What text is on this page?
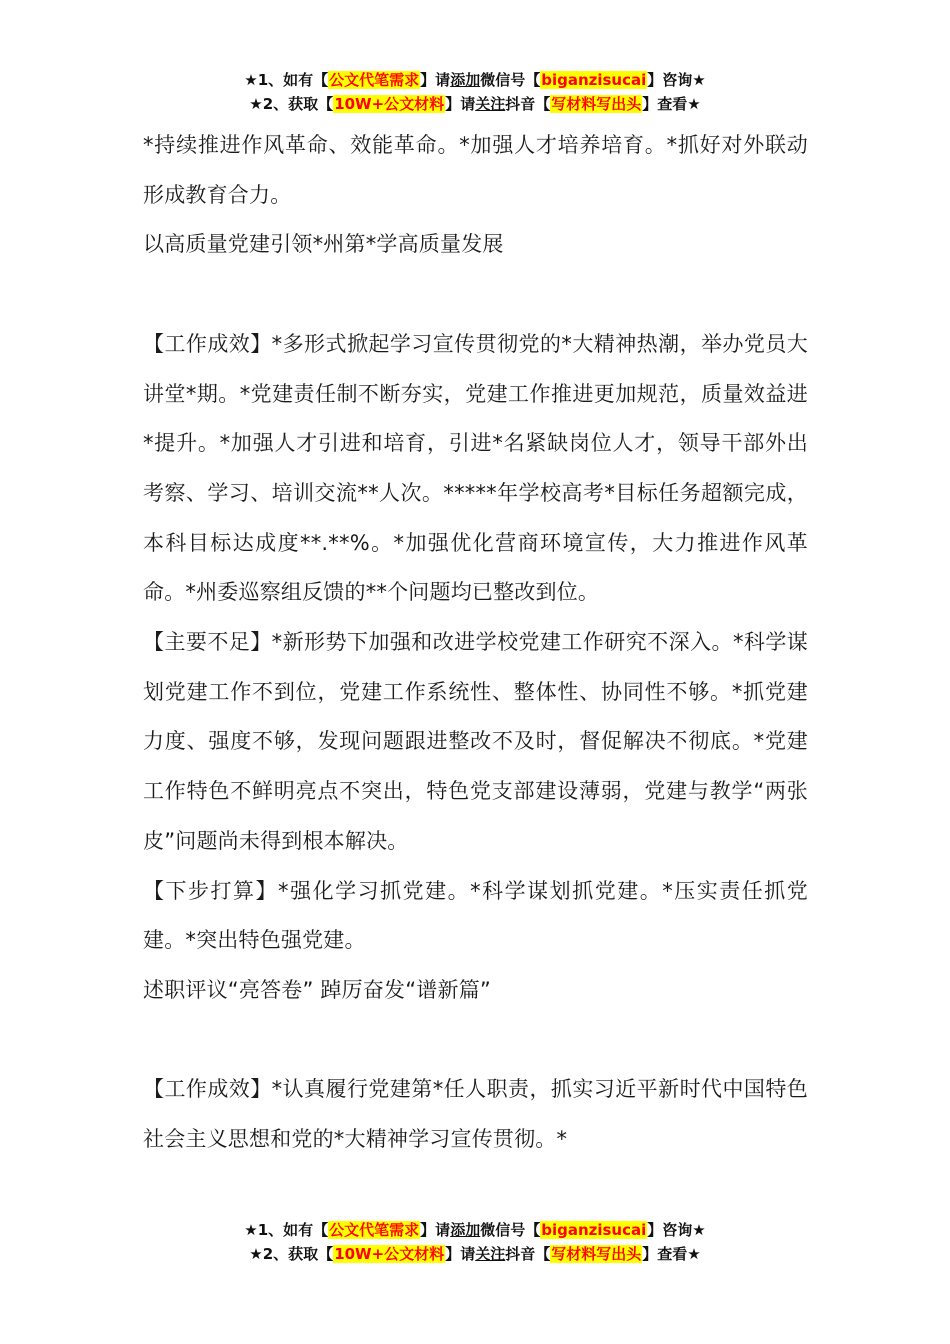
★1、如有【公文代笔需求】请添加微信号【biganzisucai】咨询★
★2、获取【10W+公文材料】请关注抖音【写材料写出头】查看★

*持续推进作风革命、效能革命。*加强人才培养培育。*抓好对外联动形成教育合力。

以高质量党建引领*州第*学高质量发展

【工作成效】*多形式掀起学习宣传贯彻党的*大精神热潮，举办党员大讲堂*期。*党建责任制不断夯实，党建工作推进更加规范，质量效益进*提升。*加强人才引进和培育，引进*名紧缺岗位人才，领导干部外出考察、学习、培训交流**人次。*****年学校高考*目标任务超额完成，本科目标达成度**.**%。*加强优化营商环境宣传，大力推进作风革命。*州委巡察组反馈的**个问题均已整改到位。

【主要不足】*新形势下加强和改进学校党建工作研究不深入。*科学谋划党建工作不到位，党建工作系统性、整体性、协同性不够。*抓党建力度、强度不够，发现问题跟进整改不及时，督促解决不彻底。*党建工作特色不鲜明亮点不突出，特色党支部建设薄弱，党建与教学“两张皮”问题尚未得到根本解决。

【下步打算】*强化学习抓党建。*科学谋划抓党建。*压实责任抓党建。*突出特色强党建。

述职评议“亮答卷” 踔厉奋发“谱新篇”

【工作成效】*认真履行党建第*任人职责，抓实习近平新时代中国特色社会主义思想和党的*大精神学习宣传贯彻。*

★1、如有【公文代笔需求】请添加微信号【biganzisucai】咨询★
★2、获取【10W+公文材料】请关注抖音【写材料写出头】查看★
